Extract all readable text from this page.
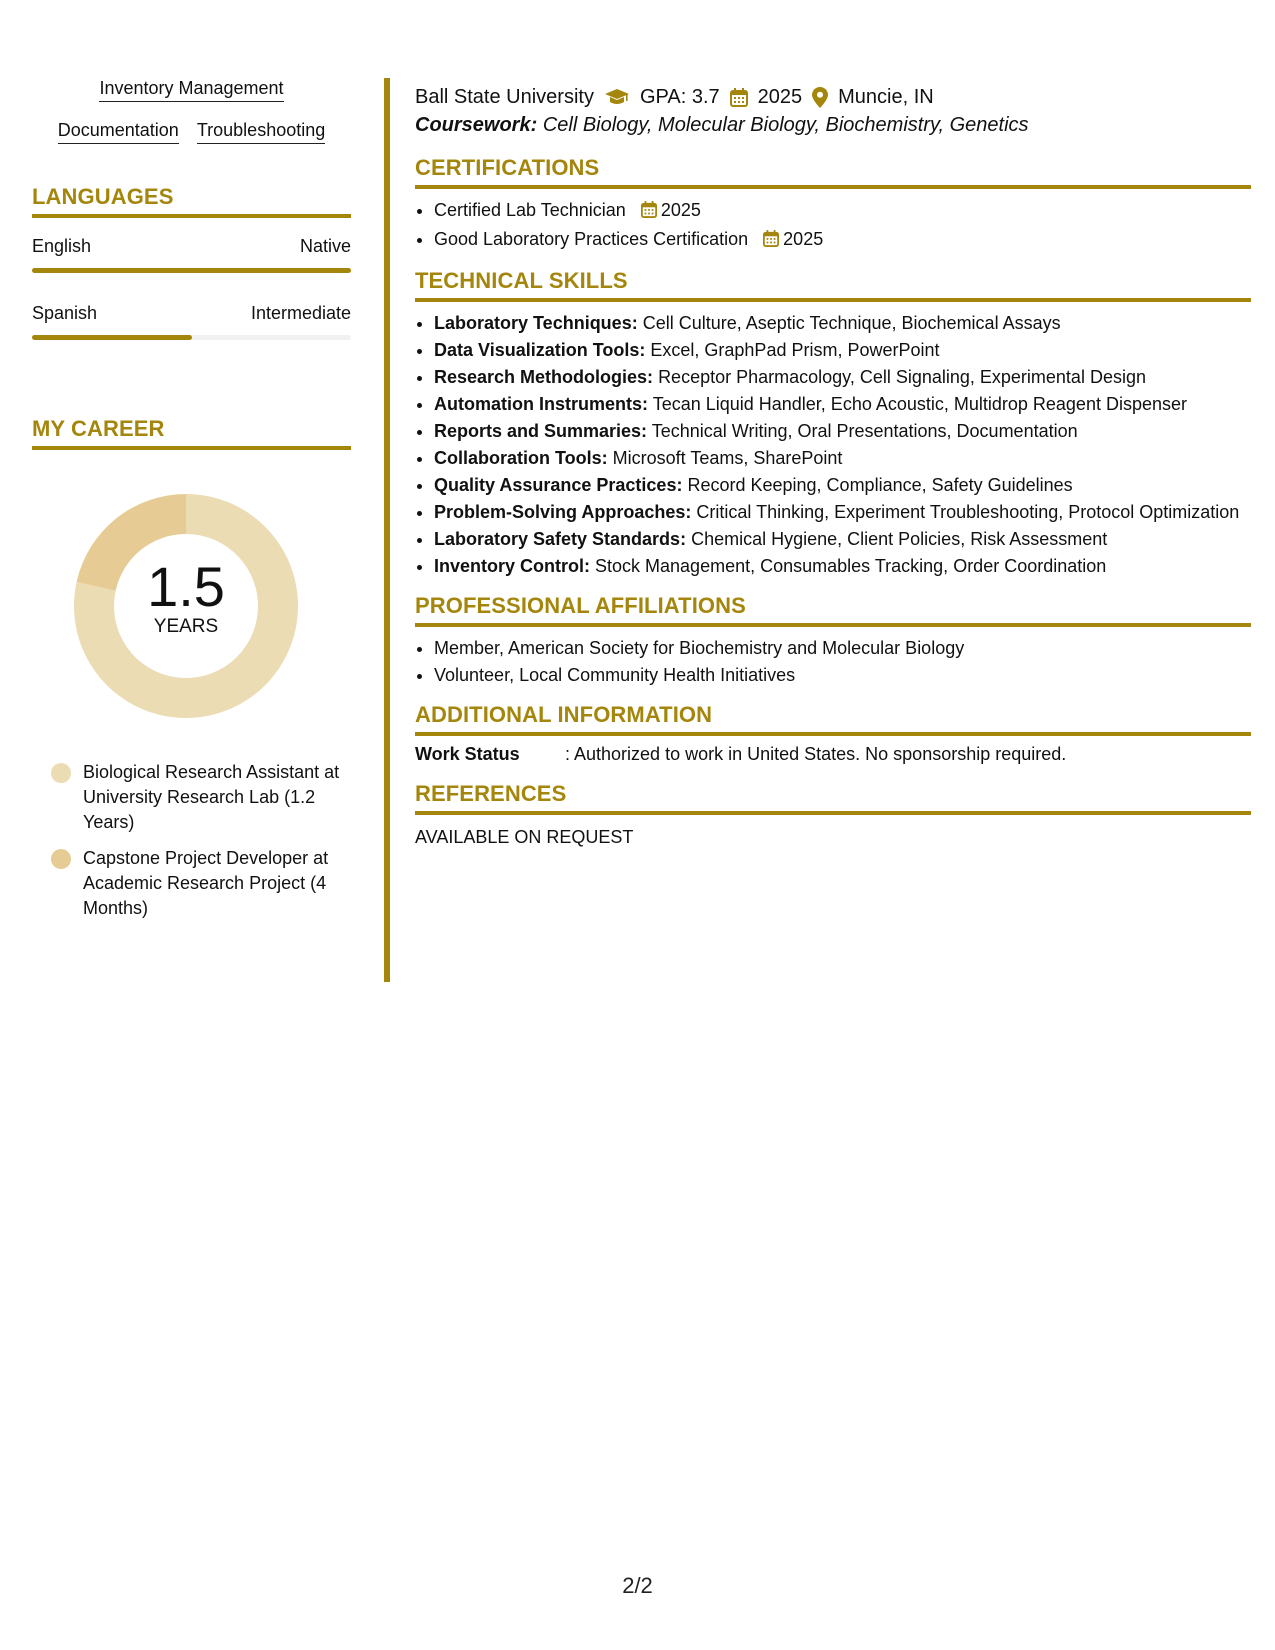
Inventory Management
Documentation Troubleshooting
LANGUAGES
English	Native
Spanish	Intermediate
MY CAREER
1.5
YEARS
Biological Research Assistant at University Research Lab (1.2 Years)
Capstone Project Developer at Academic Research Project (4 Months)
Ball State University GPA: 3.7 2025 Muncie, IN
Coursework: Cell Biology, Molecular Biology, Biochemistry, Genetics
CERTIFICATIONS
• Certified Lab Technician 2025
• Good Laboratory Practices Certification 2025
TECHNICAL SKILLS
• Laboratory Techniques: Cell Culture, Aseptic Technique, Biochemical Assays
• Data Visualization Tools: Excel, GraphPad Prism, PowerPoint
• Research Methodologies: Receptor Pharmacology, Cell Signaling, Experimental Design
• Automation Instruments: Tecan Liquid Handler, Echo Acoustic, Multidrop Reagent Dispenser
• Reports and Summaries: Technical Writing, Oral Presentations, Documentation
• Collaboration Tools: Microsoft Teams, SharePoint
• Quality Assurance Practices: Record Keeping, Compliance, Safety Guidelines
• Problem-Solving Approaches: Critical Thinking, Experiment Troubleshooting, Protocol Optimization
• Laboratory Safety Standards: Chemical Hygiene, Client Policies, Risk Assessment
• Inventory Control: Stock Management, Consumables Tracking, Order Coordination
PROFESSIONAL AFFILIATIONS
• Member, American Society for Biochemistry and Molecular Biology
• Volunteer, Local Community Health Initiatives
ADDITIONAL INFORMATION
Work Status	: Authorized to work in United States. No sponsorship required.
REFERENCES
AVAILABLE ON REQUEST
2/2
